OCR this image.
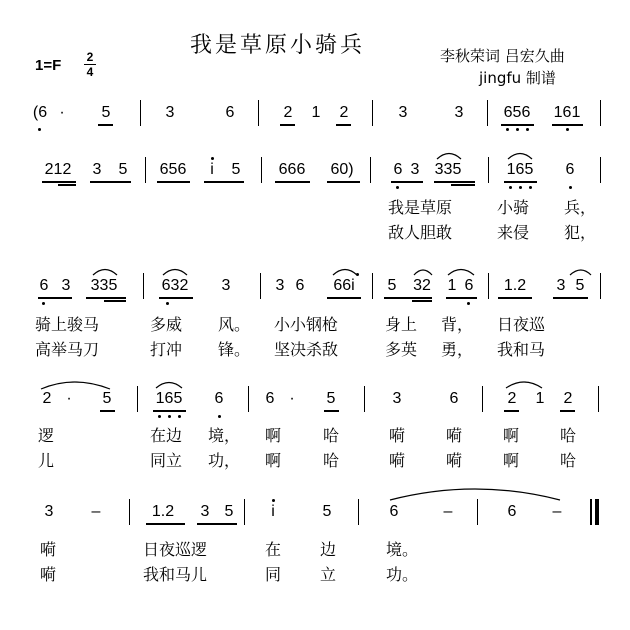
我是草原小骑兵	李秋荣词 吕宏久曲
jingfu 制谱
1=F 2
4
(6 · 5	3	6	2 1 2	3	3	656 161
212 3 5 656 i 5 666 60) 6 3 335	165 6
我是草原	小骑 兵，
敌人胆敢	来侵 犯，
6 3 335	632 3	3 6 66i 5 32 1 6 1.2 3 5
骑上骏马	多威 风。 小小钢枪	身上 背， 日夜巡
高举马刀	打冲 锋。 坚决杀敌	多英 勇， 我和马
2 · 5	165 6	6 · 5	3	6	2 1 2
逻	在边 境， 啊	哈	嗬	嗬	啊	哈
儿	同立 功， 啊	哈	嗬	嗬	啊	哈
3 –	1.2 3 5 i	5	6	–	6 –
嗬	日夜巡逻	在 边	境。
嗬	我和马儿	同 立	功。
